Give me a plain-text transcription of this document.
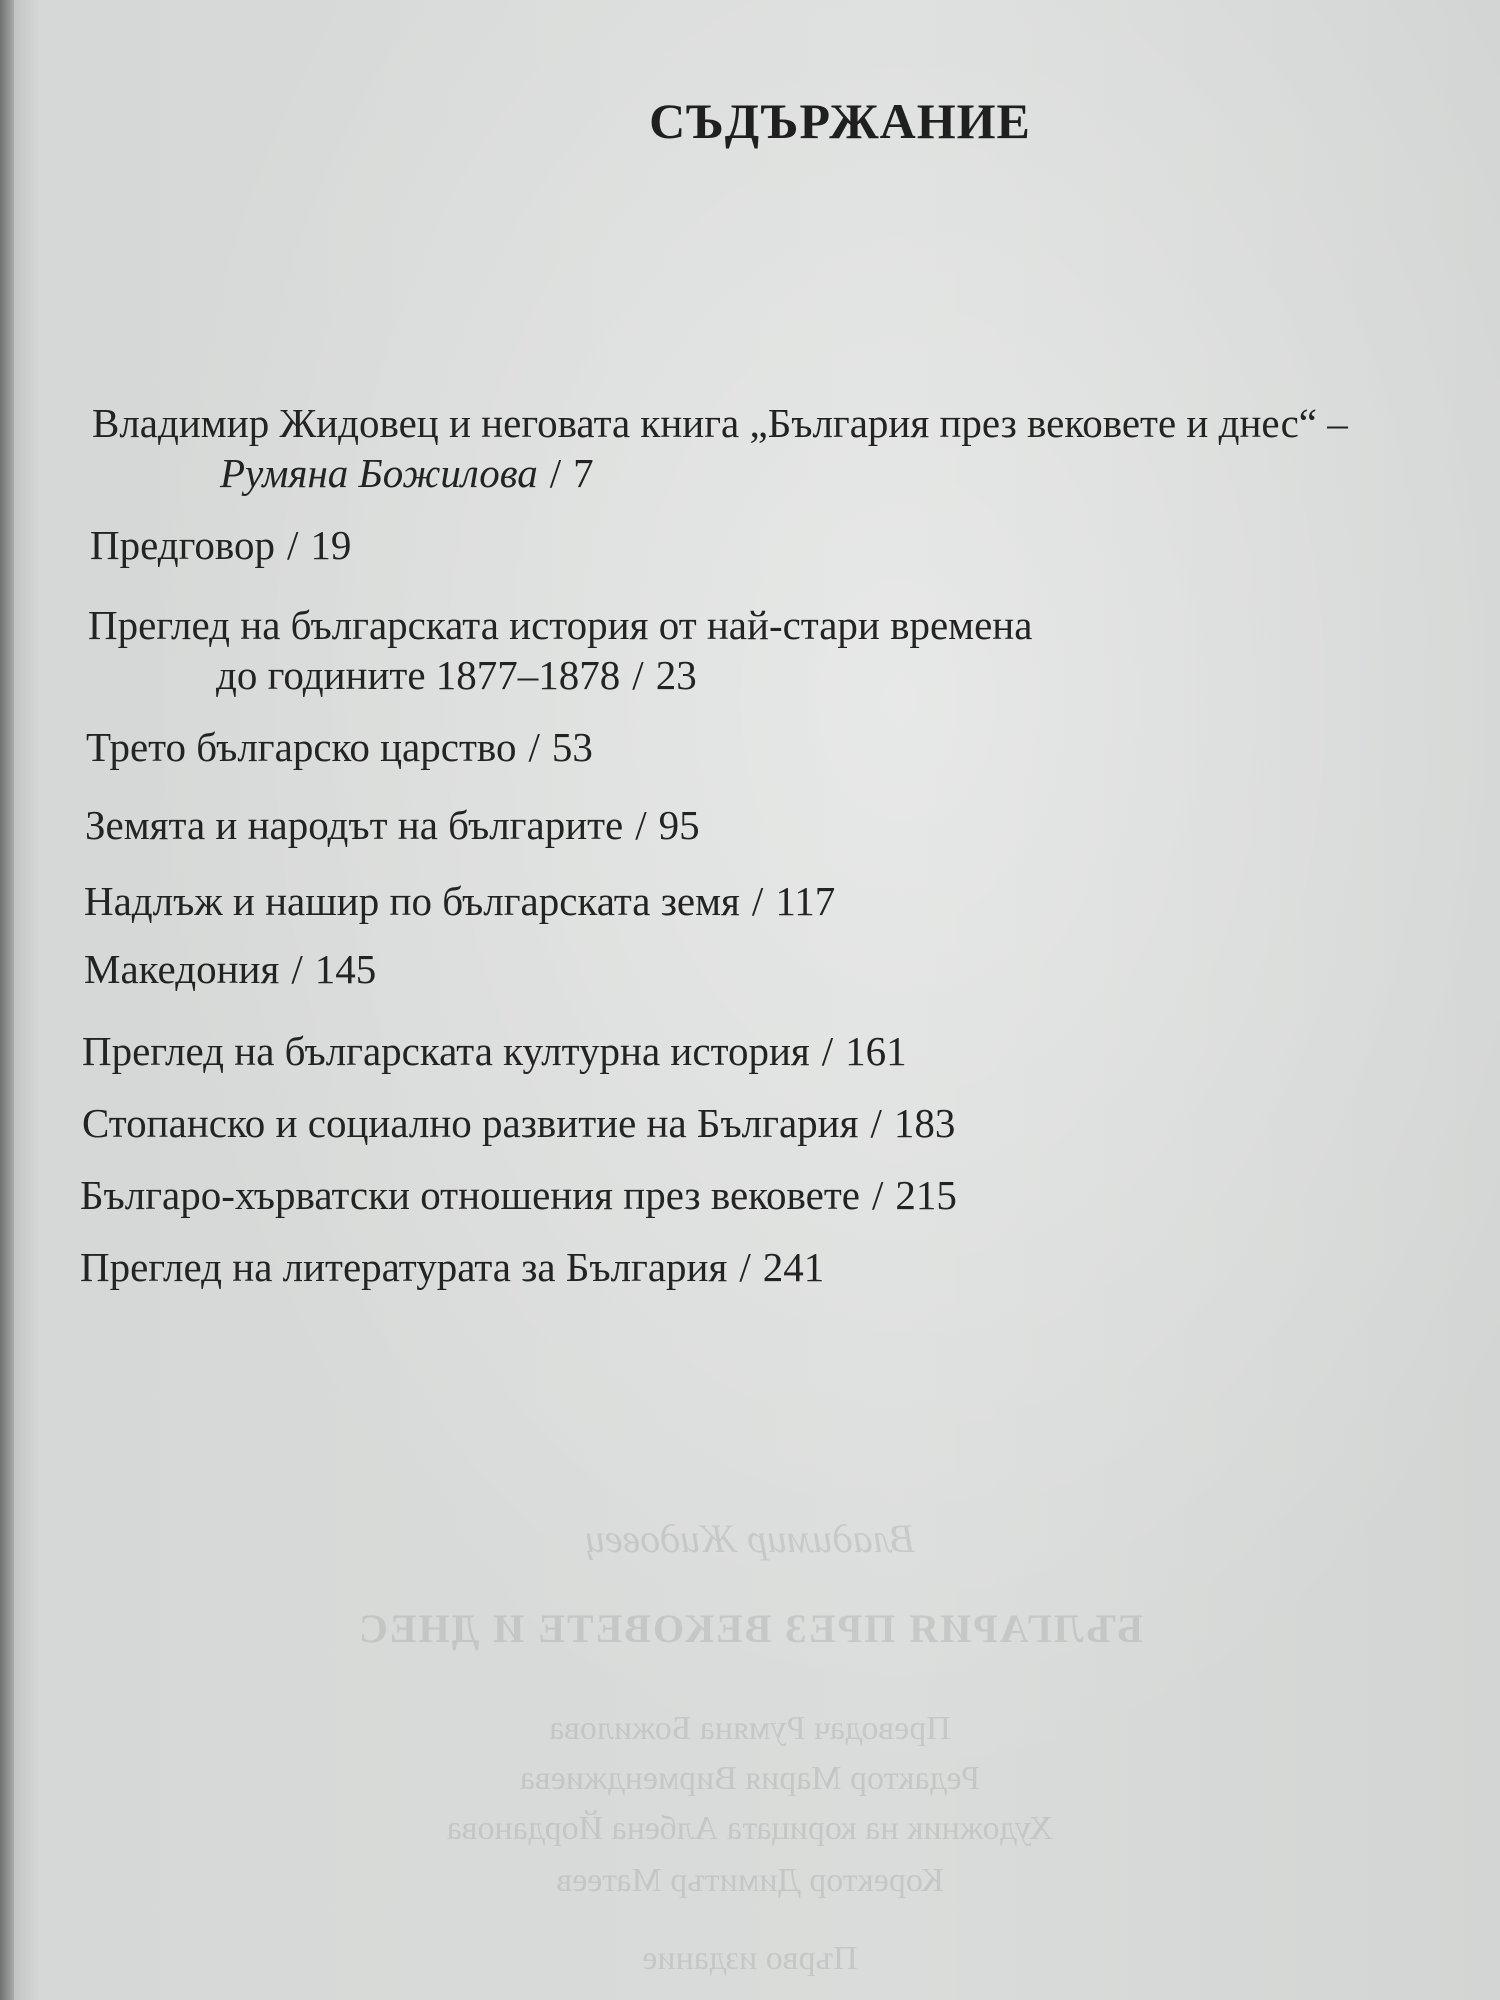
СЪДЪРЖАНИЕ
Владимир Жидовец и неговата книга „България през вековете и днес“ –
Румяна Божилова / 7
Предговор / 19
Преглед на българската история от най-стари времена
до годините 1877–1878 / 23
Трето българско царство / 53
Земята и народът на българите / 95
Надлъж и нашир по българската земя / 117
Македония / 145
Преглед на българската културна история / 161
Стопанско и социално развитие на България / 183
Българо-хърватски отношения през вековете / 215
Преглед на литературата за България / 241
Владимир Жидовец
БЪЛГАРИЯ ПРЕЗ ВЕКОВЕТЕ И ДНЕС
Преводач Румяна Божилова
Редактор Мария Вирменджиева
Художник на корицата Албена Йорданова
Коректор Димитър Матеев
Първо издание
